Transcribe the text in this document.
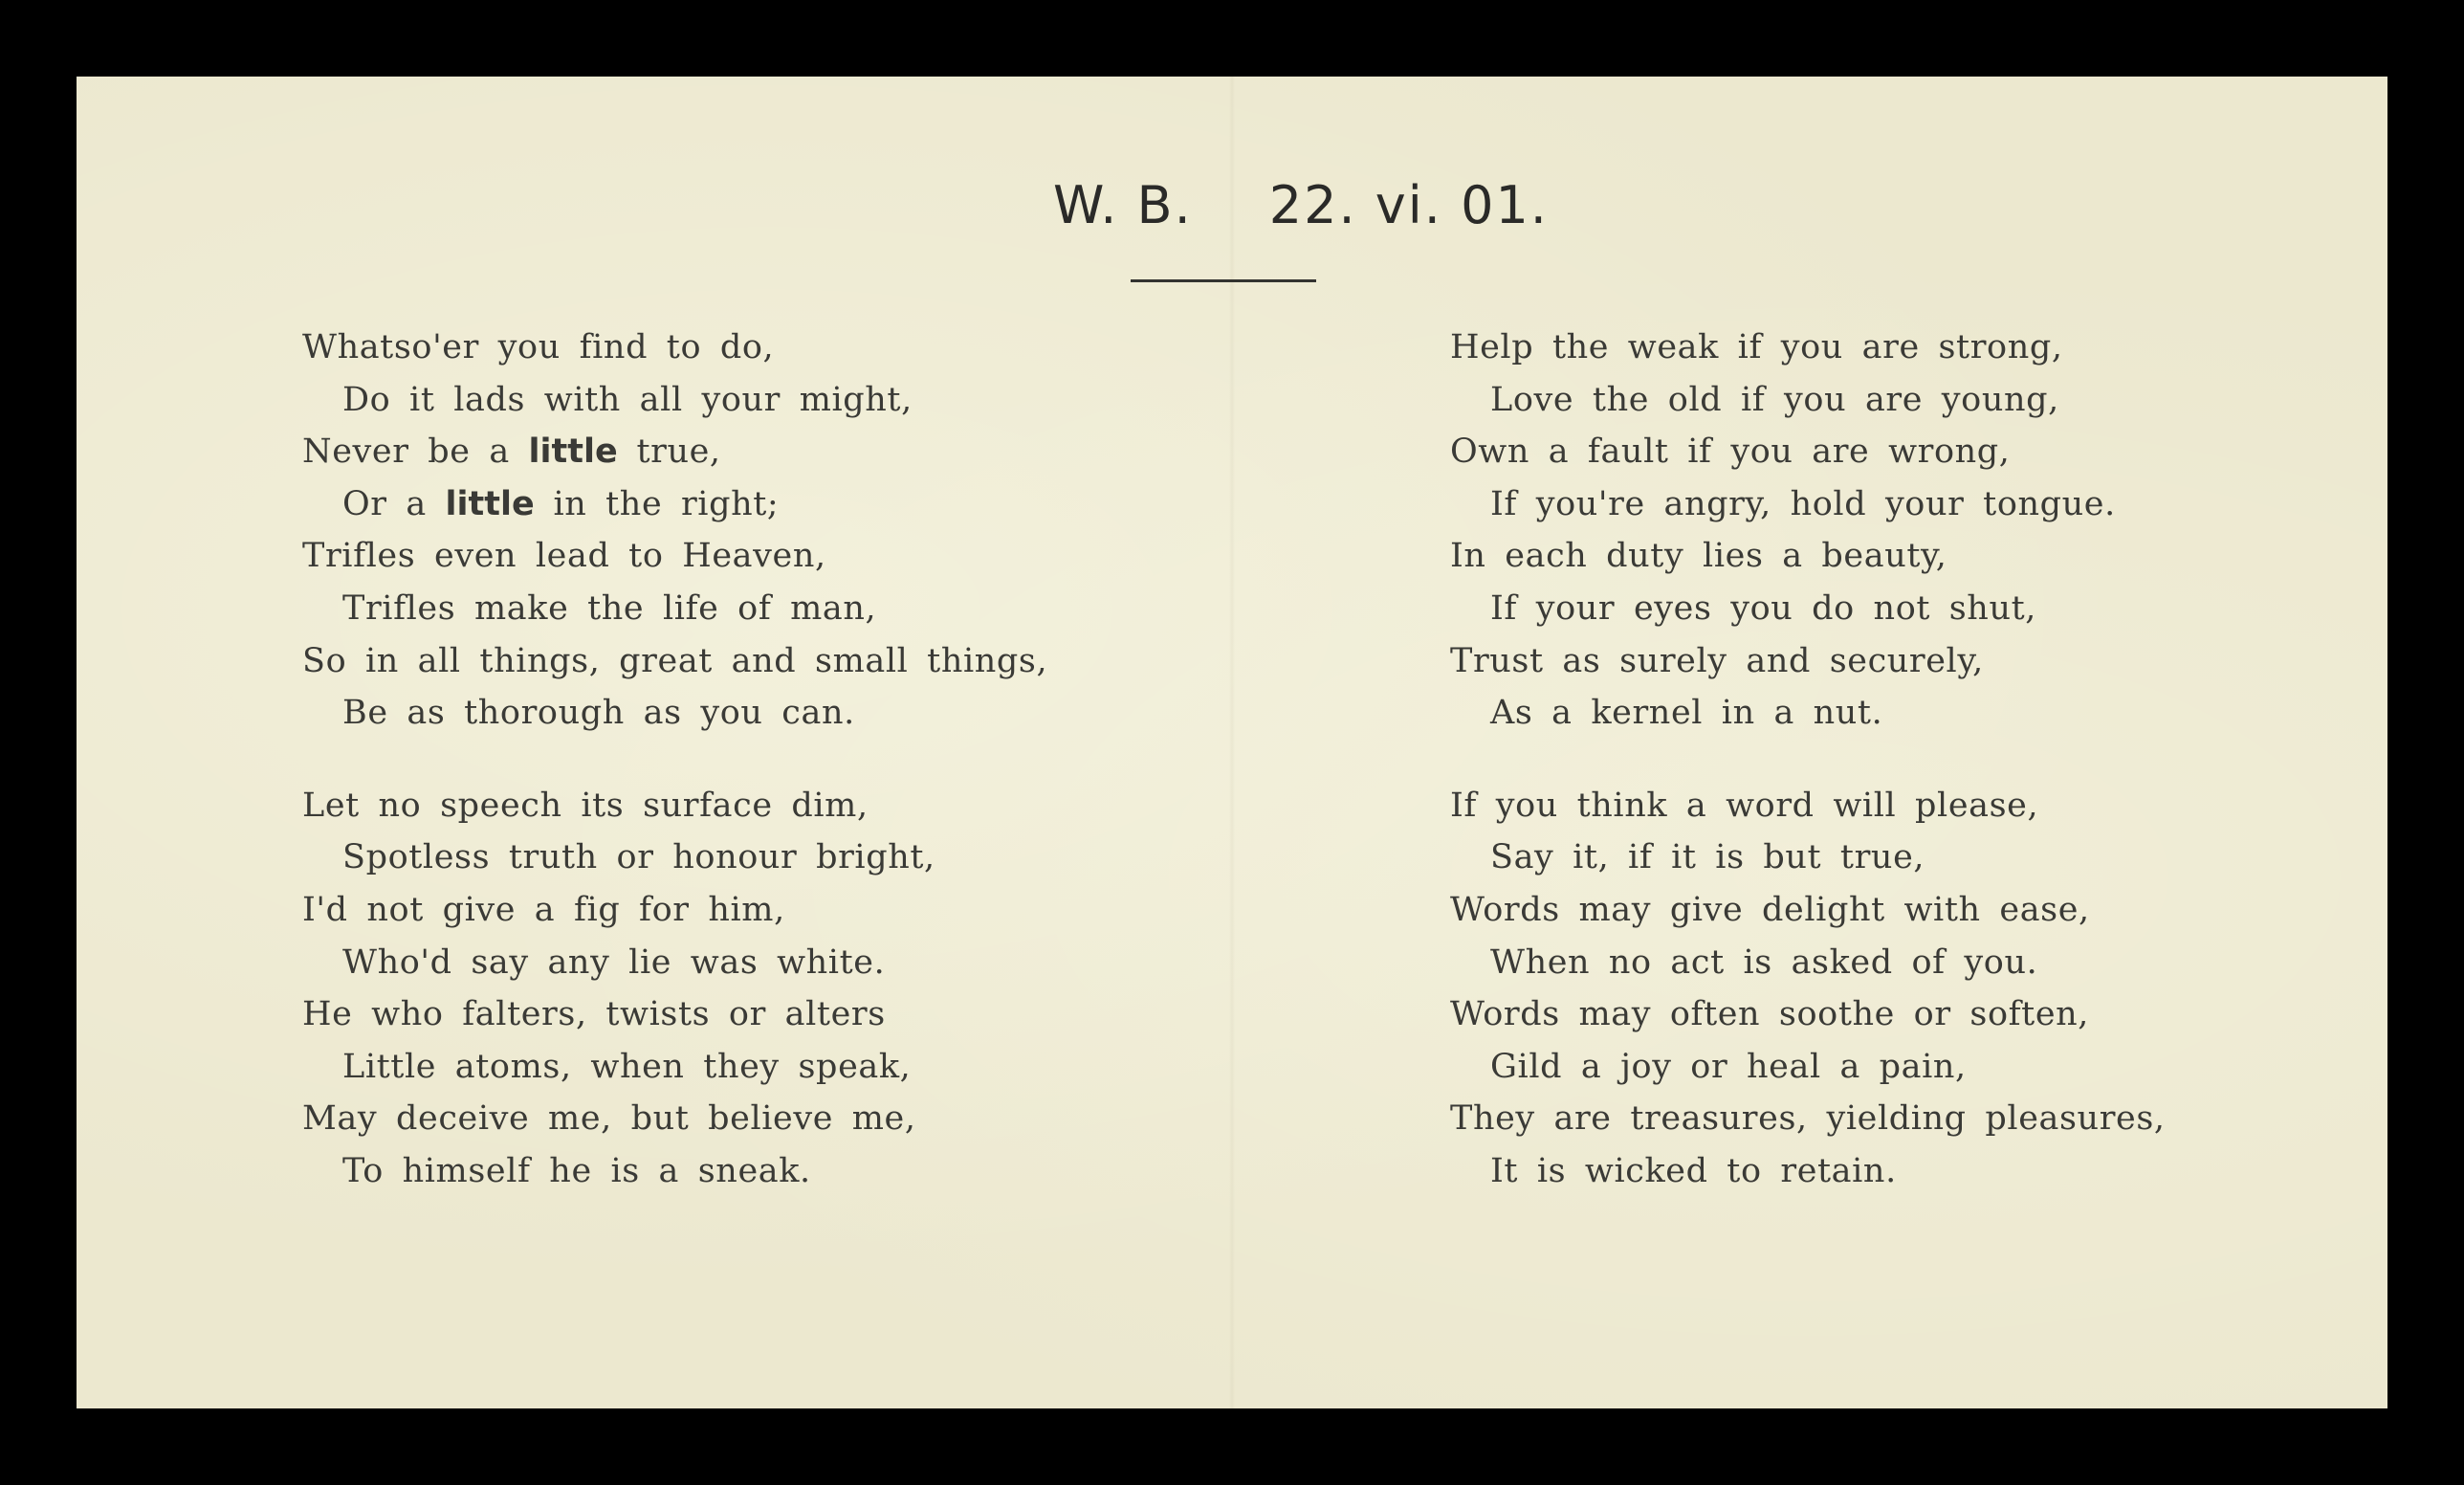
W. B. 22. vi. 01.
Whatso'er you find to do,
Do it lads with all your might,
Never be a little true,
Or a little in the right;
Trifles even lead to Heaven,
Trifles make the life of man,
So in all things, great and small things,
Be as thorough as you can.
Let no speech its surface dim,
Spotless truth or honour bright,
I'd not give a fig for him,
Who'd say any lie was white.
He who falters, twists or alters
Little atoms, when they speak,
May deceive me, but believe me,
To himself he is a sneak.
Help the weak if you are strong,
Love the old if you are young,
Own a fault if you are wrong,
If you're angry, hold your tongue.
In each duty lies a beauty,
If your eyes you do not shut,
Trust as surely and securely,
As a kernel in a nut.
If you think a word will please,
Say it, if it is but true,
Words may give delight with ease,
When no act is asked of you.
Words may often soothe or soften,
Gild a joy or heal a pain,
They are treasures, yielding pleasures,
It is wicked to retain.
